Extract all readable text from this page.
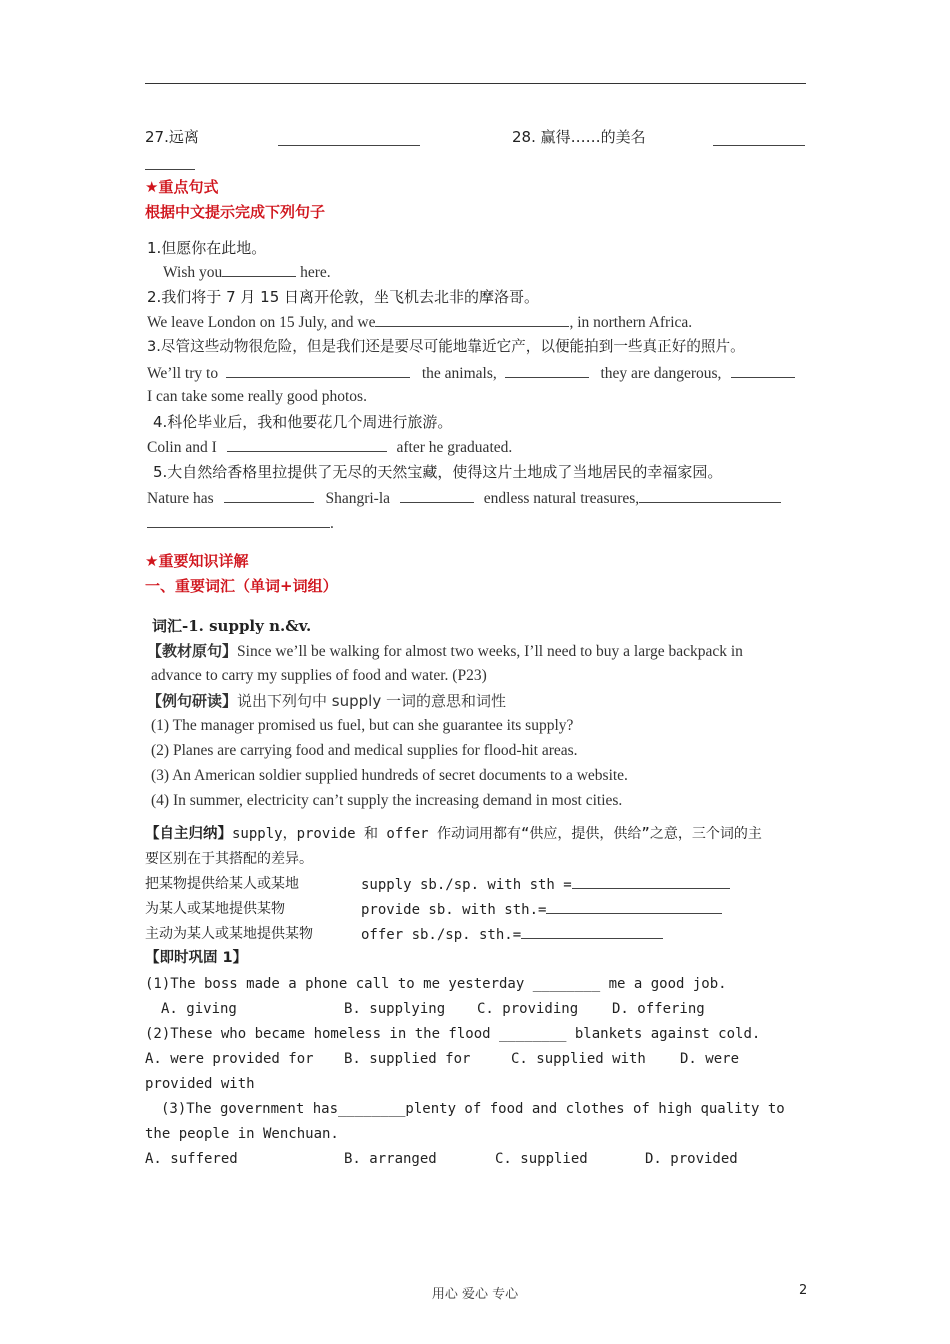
27.远离	28. 赢得……的美名
★重点句式
根据中文提示完成下列句子
1.但愿你在此地。
Wish you	here.
2.我们将于 7 月 15 日离开伦敦，坐飞机去北非的摩洛哥。
We leave London on 15 July, and we	, in northern Africa.
3.尽管这些动物很危险，但是我们还是要尽可能地靠近它产，以便能拍到一些真正好的照片。
We’ll try to	the animals,	they are dangerous,
I can take some really good photos.
4.科伦毕业后，我和他要花几个周进行旅游。
Colin and I	after he graduated.
5.大自然给香格里拉提供了无尽的天然宝藏，使得这片土地成了当地居民的幸福家园。
Nature has	Shangri-la	endless natural treasures,
.
★重要知识详解
一、重要词汇（单词+词组）
词汇-1. supply n.&v.
【教材原句】Since we’ll be walking for almost two weeks, I’ll need to buy a large backpack in
advance to carry my supplies of food and water. (P23)
【例句研读】说出下列句中 supply 一词的意思和词性
(1) The manager promised us fuel, but can she guarantee its supply?
(2) Planes are carrying food and medical supplies for flood-hit areas.
(3) An American soldier supplied hundreds of secret documents to a website.
(4) In summer, electricity can’t supply the increasing demand in most cities.
【自主归纳】supply，provide 和 offer 作动词用都有“供应，提供，供给”之意，三个词的主
要区别在于其搭配的差异。
把某物提供给某人或某地	supply sb./sp. with sth =
为某人或某地提供某物	provide sb. with sth.=
主动为某人或某地提供某物	offer sb./sp. sth.=
【即时巩固 1】
(1)The boss made a phone call to me yesterday ________ me a good job.
A. giving	B. supplying C. providing D. offering
(2)These who became homeless in the flood ________ blankets against cold.
A. were provided for B. supplied for	C. supplied with D. were
provided with
(3)The government has________plenty of food and clothes of high quality to
the people in Wenchuan.
A. suffered	B. arranged	C. supplied	D. provided
用心 爱心 专心	2
